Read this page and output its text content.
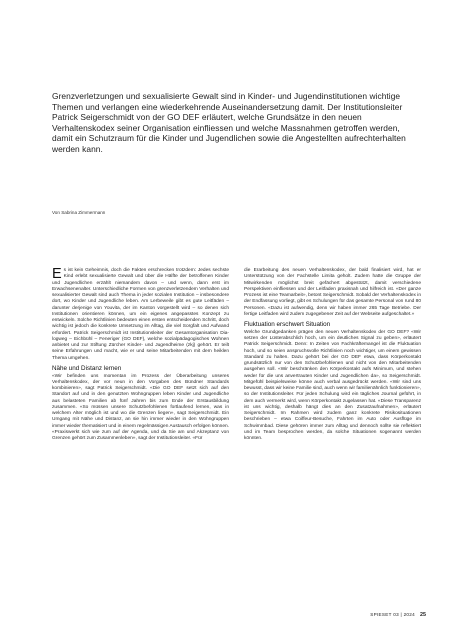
Grenzverletzungen und sexualisierte Gewalt sind in Kinder- und Jugendinstitutionen wichtige Themen und verlangen eine wiederkehrende Auseinandersetzung damit. Der Institutionsleiter Patrick Seigerschmidt von der GO DEF erläutert, welche Grundsätze in den neuen Verhaltenskodex seiner Organisation einfliessen und welche Massnahmen getroffen werden, damit ein Schutzraum für die Kinder und Jugendlichen sowie die Angestellten aufrechterhalten werden kann.

Von Sabrina Zimmermann

Es ist kein Geheimnis, doch die Fakten erschrecken trotzdem: Jedes sechste Kind erlebt sexualisierte Gewalt und über die Hälfte der betroffenen Kinder und Jugendlichen erzählt niemandem davon – und wenn, dann erst im Erwachsenenalter. Unterschiedliche Formen von grenzverletzendem Verhalten und sexualisierter Gewalt sind auch Thema in jeder sozialen Institution – insbesondere dort, wo Kinder und Jugendliche leben. Am Lerbeweile gibt es gute Leitfäden – darunter derjenige von Youvita, der im Kanton vorgestellt wird – so denen sich Institutionen orientieren können, um ein eigenes angepasstes Konzept zu entwickeln. Solche Richtlinien bedeuten einen ersten entscheidenden Schritt, doch wichtig ist jedoch die konkrete Umsetzung im Alltag, die viel Sorgfalt und Aufwand erfordert. Patrick Seigerschmidt ist Institutionsleiter der Gesamtorganisation Dia-logweg – Eichbühl – Feneriger (GO DEF), welche sozialpädagogisches Wohnen anbietet und zur Stiftung Zürcher Kinder- und Jugendheime (zkj) gehört. Er teilt seine Erfahrungen und macht, wie er und seine Mitarbeitenden mit dem heiklen Thema umgehen.

Nähe und Distanz lernen

«Wir befinden uns momentan im Prozess der Überarbeitung unseres Verhaltenskodex, der vor neun in den Vorgaben des Bündner Standards kombinieren», sagt Patrick Seigerschmidt. «Die GO DEF setzt sich auf den Standort auf und in den genutzten Wohngruppen leben Kinder und Jugendliche aus belasteten Familien ab fünf Jahren bis zum Ende der Erstausbildung zusammen. «So müssen unsere Schutzbefohlenen fortlaufend lernen, was in welchem Alter möglich ist und wo die Grenzen liegen», sagt Seigerschmidt. Ein Umgang mit Nähe und Distanz, an sie hin immer wieder in den Wohngruppen immer wieder thematisiert und in einem regelmässigen Austausch erfolgen können. «Praxiswerkt sich wie zum auf der Agenda, und da Sie am und Akzeptanz von Grenzen gehört zum Zusammenleben», sagt der Institutionsleiter. «Für

die Erarbeitung des neuen Verhaltenskodex, der bald finalisiert wird, hat er Unterstützung von der Fachstelle Limita geholt. Zudem hatte die Gruppe der Mitwirkenden möglichst breit gefächert abgestützt, damit verschiedene Perspektiven einfliessen und der Leitfaden praxisnah und hilfreich ist. «Der ganze Prozess ist eine Teamarbeit», betont Seigerschmidt. Sobald der Verhaltenskodex in der Endfassung vorliegt, gibt es Schulungen für das gesamte Personal von rund 80 Personen. «Dazu ist aufwendig, denn wir haben immer 265 Tage Betriebe. Der fertige Leitfaden wird zudem zugegebener Zeit auf der Webseite aufgeschaltet.»

Fluktuation erschwert Situation

Welche Grundgedanken prägen den neuen Verhaltenskodex der GO DEF? «Wir setzen der Lüsterabschlich hoch, um ein deutliches Signal zu geben», erläutert Patrick Seigerschmidt. Denn: In Zeiten von Fachkräftemangel ist die Fluktuation hoch, und so seien anspruchsvolle Richtlinien noch wichtiger, um einem gewissen Standard zu halten. Dazu gehört bei der GO DEF etwa, dass Körperkontakt grundsätzlich nur von den Schutzbefohlenen und nicht von den Mitarbeitenden ausgehen soll. «Wir beschränken den Körperkontakt aufs Minimum, und stehen weder für die uns anvertrauten Kinder und Jugendlichen da», so Seigerschmidt. Mitgefühl beispielsweise könne auch verbal ausgedrückt werden. «Wir sind uns bewusst, dass wir keine Familie sind, auch wenn wir familienähnlich funktionieren», so der Institutionsleiter. Für jeden Schulung wird ein tägliches Journal geführt, in dem auch vermerkt wird, wenn Körperkontakt zugelassen hat. «Diese Transparenz ist uns wichtig, deshalb hängt dies an den Zusatzaufnahmen», erläutert Seigerschmidt. Im Rahmen wird zudem ganz konkrete Risikosituationen beschrieben – etwa Coiffeur-Besuche, Fahrten im Auto oder Ausflüge im Schwimmbad. Diese gehören immer zum Alltag und dennoch sollte sie reflektiert und im Team besprochen werden, da solche Situationen sogenannt werden könnten.

SPIESET 03 | 2024 25
